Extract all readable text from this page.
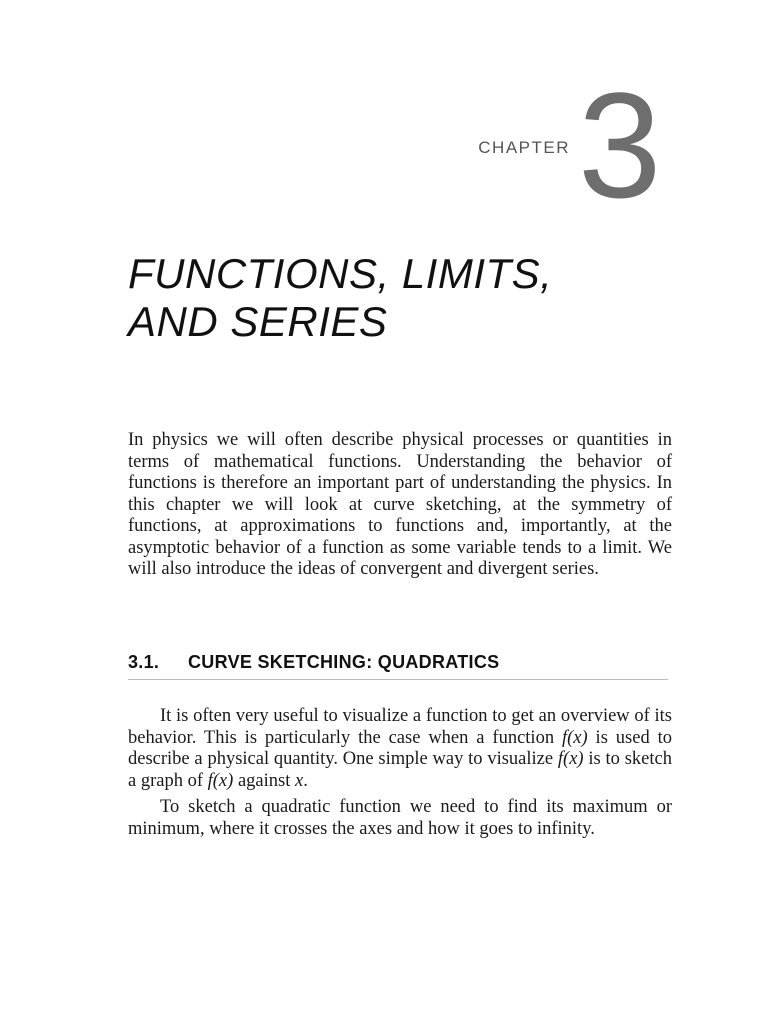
CHAPTER 3
FUNCTIONS, LIMITS,
AND SERIES

In physics we will often describe physical processes or quantities in terms of mathematical functions. Understanding the behavior of functions is therefore an important part of understanding the physics. In this chapter we will look at curve sketching, at the symmetry of functions, at approximations to functions and, importantly, at the asymptotic behavior of a function as some variable tends to a limit. We will also introduce the ideas of convergent and divergent series.

3.1. CURVE SKETCHING: QUADRATICS

It is often very useful to visualize a function to get an overview of its behavior. This is particularly the case when a function f(x) is used to describe a physical quantity. One simple way to visualize f(x) is to sketch a graph of f(x) against x.

To sketch a quadratic function we need to find its maximum or minimum, where it crosses the axes and how it goes to infinity.
